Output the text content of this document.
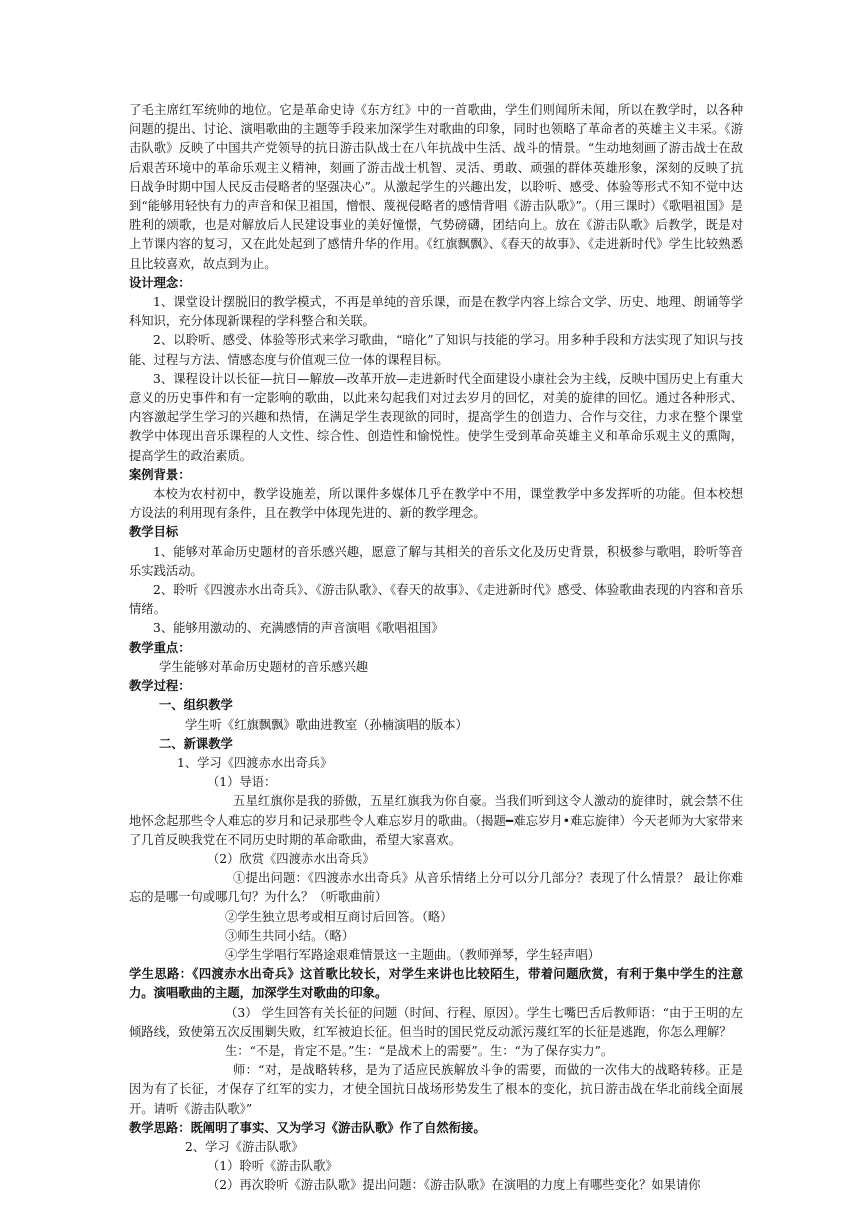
了毛主席红军统帅的地位。它是革命史诗《东方红》中的一首歌曲，学生们则闻所未闻，所以在教学时，以各种问题的提出、讨论、演唱歌曲的主题等手段来加深学生对歌曲的印象，同时也领略了革命者的英雄主义丰采。《游击队歌》反映了中国共产党领导的抗日游击队战士在八年抗战中生活、战斗的情景。“生动地刻画了游击战士在敌后艰苦环境中的革命乐观主义精神，刻画了游击战士机智、灵活、勇敢、顽强的群体英雄形象，深刻的反映了抗日战争时期中国人民反击侵略者的坚强决心”。从激起学生的兴趣出发，以聆听、感受、体验等形式不知不觉中达到“能够用轻快有力的声音和保卫祖国，憎恨、蔑视侵略者的感情背唱《游击队歌》”。（用三课时）《歌唱祖国》是胜利的颂歌，也是对解放后人民建设事业的美好憧憬，气势磅礴，团结向上。放在《游击队歌》后教学，既是对上节课内容的复习，又在此处起到了感情升华的作用。《红旗飘飘》、《春天的故事》、《走进新时代》学生比较熟悉且比较喜欢，故点到为止。

设计理念：

1、课堂设计摆脱旧的教学模式，不再是单纯的音乐课，而是在教学内容上综合文学、历史、地理、朗诵等学科知识，充分体现新课程的学科整合和关联。

2、以聆听、感受、体验等形式来学习歌曲，“暗化”了知识与技能的学习。用多种手段和方法实现了知识与技能、过程与方法、情感态度与价值观三位一体的课程目标。

3、课程设计以长征—抗日—解放—改革开放—走进新时代全面建设小康社会为主线，反映中国历史上有重大意义的历史事件和有一定影响的歌曲，以此来勾起我们对过去岁月的回忆，对美的旋律的回忆。通过各种形式、内容激起学生学习的兴趣和热情，在满足学生表现欲的同时，提高学生的创造力、合作与交往，力求在整个课堂教学中体现出音乐课程的人文性、综合性、创造性和愉悦性。使学生受到革命英雄主义和革命乐观主义的熏陶，提高学生的政治素质。

案例背景：

本校为农村初中，教学设施差，所以课件多媒体几乎在教学中不用，课堂教学中多发挥听的功能。但本校想方设法的利用现有条件，且在教学中体现先进的、新的教学理念。

教学目标

1、能够对革命历史题材的音乐感兴趣，愿意了解与其相关的音乐文化及历史背景，积极参与歌唱，聆听等音乐实践活动。

2、聆听《四渡赤水出奇兵》、《游击队歌》、《春天的故事》、《走进新时代》感受、体验歌曲表现的内容和音乐情绪。

3、能够用激动的、充满感情的声音演唱《歌唱祖国》

教学重点：

学生能够对革命历史题材的音乐感兴趣

教学过程：

一、组织教学

学生听《红旗飘飘》歌曲进教室（孙楠演唱的版本）

二、新课教学

1、学习《四渡赤水出奇兵》

（1）导语：

五星红旗你是我的骄傲，五星红旗我为你自豪。当我们听到这令人激动的旋律时，就会禁不住地怀念起那些令人难忘的岁月和记录那些令人难忘岁月的歌曲。（揭题━难忘岁月•难忘旋律）今天老师为大家带来了几首反映我党在不同历史时期的革命歌曲，希望大家喜欢。

（2）欣赏《四渡赤水出奇兵》

①提出问题：《四渡赤水出奇兵》从音乐情绪上分可以分几部分？表现了什么情景？ 最让你难忘的是哪一句或哪几句？为什么？（听歌曲前）

②学生独立思考或相互商讨后回答。（略）

③师生共同小结。（略）

④学生学唱行军路途艰难情景这一主题曲。（教师弹琴，学生轻声唱）

学生思路：《四渡赤水出奇兵》这首歌比较长，对学生来讲也比较陌生，带着问题欣赏，有利于集中学生的注意力。演唱歌曲的主题，加深学生对歌曲的印象。

（3） 学生回答有关长征的问题（时间、行程、原因）。学生七嘴巴舌后教师语：“由于王明的左倾路线，致使第五次反围剿失败，红军被迫长征。但当时的国民党反动派污蔑红军的长征是逃跑，你怎么理解？

生：“不是，肯定不是。”生：“是战术上的需要”。生：“为了保存实力”。

师：“对，是战略转移，是为了适应民族解放斗争的需要，而做的一次伟大的战略转移。正是因为有了长征，才保存了红军的实力，才使全国抗日战场形势发生了根本的变化，抗日游击战在华北前线全面展开。请听《游击队歌》”

教学思路：既阐明了事实、又为学习《游击队歌》作了自然衔接。

2、学习《游击队歌》

（1）聆听《游击队歌》

（2）再次聆听《游击队歌》提出问题：《游击队歌》在演唱的力度上有哪些变化？如果请你
